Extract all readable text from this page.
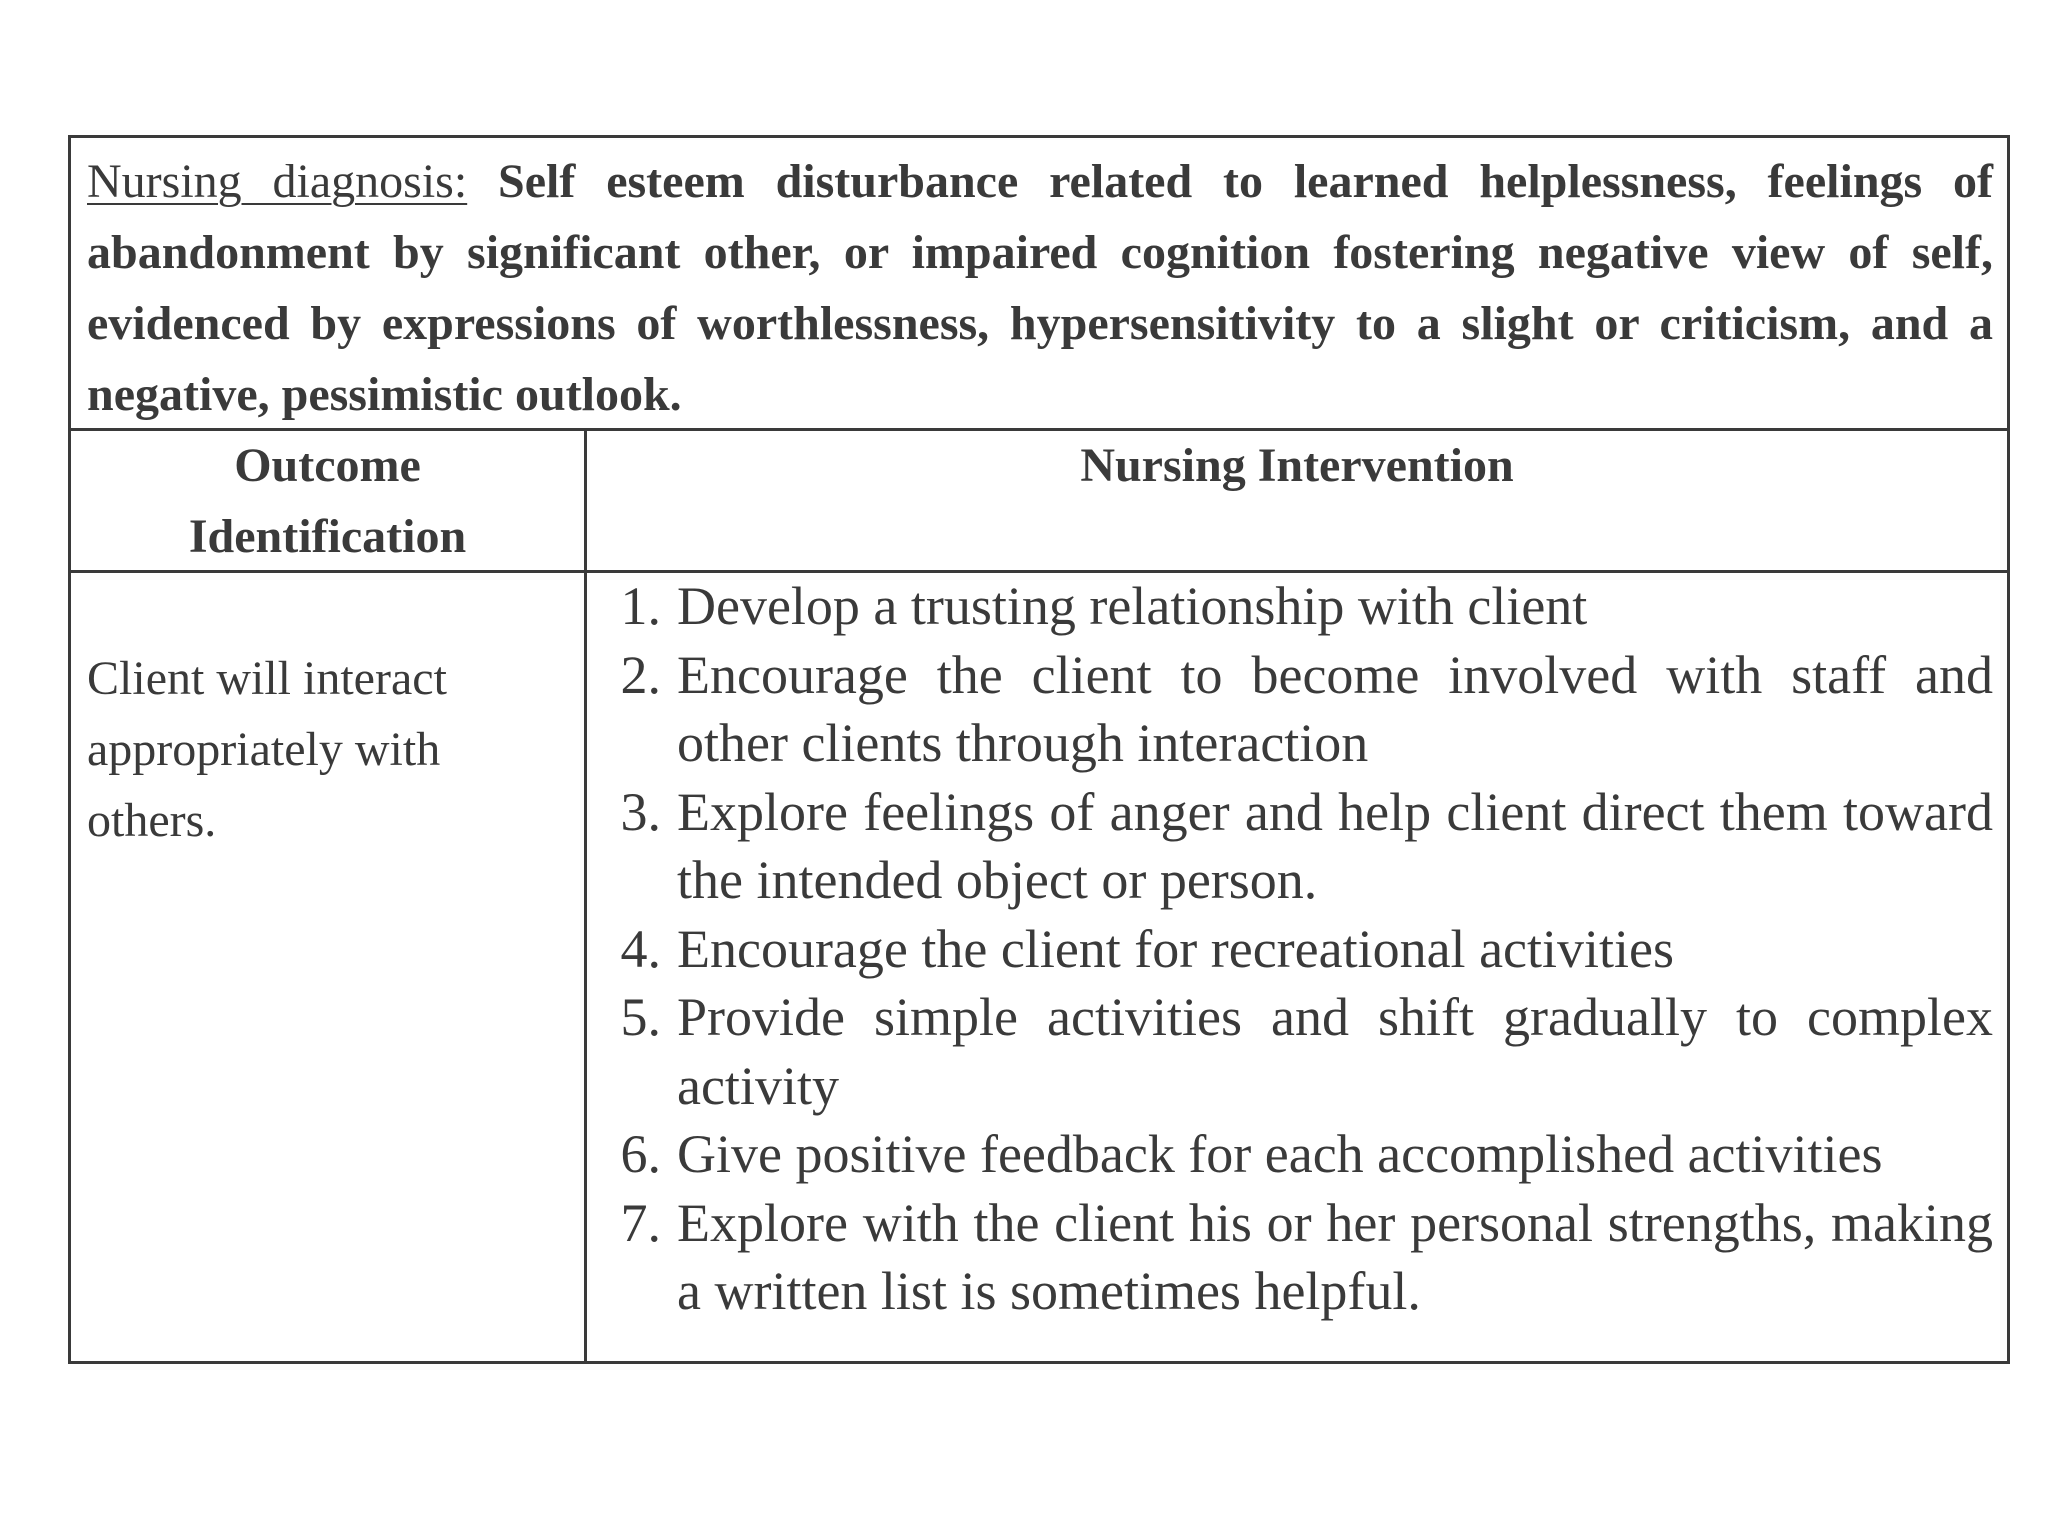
Nursing diagnosis: Self esteem disturbance related to learned helplessness, feelings of abandonment by significant other, or impaired cognition fostering negative view of self, evidenced by expressions of worthlessness, hypersensitivity to a slight or criticism, and a negative, pessimistic outlook.

Outcome
Identification
Nursing Intervention
Client will interact
appropriately with
others.
1. Develop a trusting relationship with client
2. Encourage the client to become involved with staff and other clients through interaction
3. Explore feelings of anger and help client direct them toward the intended object or person.
4. Encourage the client for recreational activities
5. Provide simple activities and shift gradually to complex activity
6. Give positive feedback for each accomplished activities
7. Explore with the client his or her personal strengths, making a written list is sometimes helpful.
